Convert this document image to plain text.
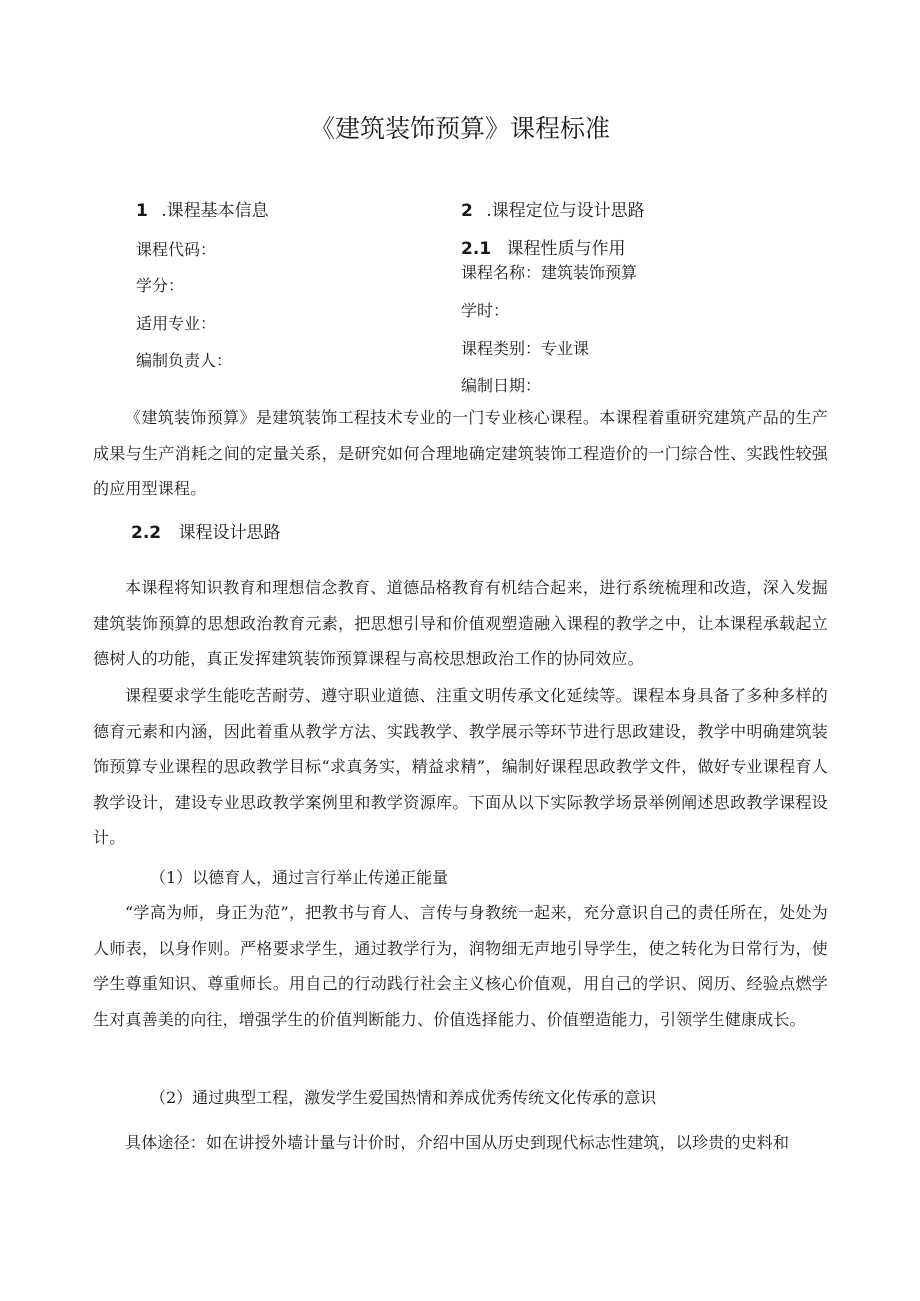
《建筑装饰预算》课程标准
1 .课程基本信息	2 .课程定位与设计思路
课程代码：
学分：
适用专业：
编制负责人：
2.1 课程性质与作用
课程名称：建筑装饰预算
学时：
课程类别：专业课
编制日期：
《建筑装饰预算》是建筑装饰工程技术专业的一门专业核心课程。本课程着重研究建筑产品的生产成果与生产消耗之间的定量关系，是研究如何合理地确定建筑装饰工程造价的一门综合性、实践性较强的应用型课程。
2.2 课程设计思路
本课程将知识教育和理想信念教育、道德品格教育有机结合起来，进行系统梳理和改造，深入发掘建筑装饰预算的思想政治教育元素，把思想引导和价值观塑造融入课程的教学之中，让本课程承载起立德树人的功能，真正发挥建筑装饰预算课程与高校思想政治工作的协同效应。
课程要求学生能吃苦耐劳、遵守职业道德、注重文明传承文化延续等。课程本身具备了多种多样的德育元素和内涵，因此着重从教学方法、实践教学、教学展示等环节进行思政建设，教学中明确建筑装饰预算专业课程的思政教学目标“求真务实，精益求精”，编制好课程思政教学文件，做好专业课程育人教学设计，建设专业思政教学案例里和教学资源库。下面从以下实际教学场景举例阐述思政教学课程设计。
（1）以德育人，通过言行举止传递正能量
“学高为师，身正为范”，把教书与育人、言传与身教统一起来，充分意识自己的责任所在，处处为人师表，以身作则。严格要求学生，通过教学行为，润物细无声地引导学生，使之转化为日常行为，使学生尊重知识、尊重师长。用自己的行动践行社会主义核心价值观，用自己的学识、阅历、经验点燃学生对真善美的向往，增强学生的价值判断能力、价值选择能力、价值塑造能力，引领学生健康成长。
（2）通过典型工程，激发学生爱国热情和养成优秀传统文化传承的意识
具体途径：如在讲授外墙计量与计价时，介绍中国从历史到现代标志性建筑，以珍贵的史料和
